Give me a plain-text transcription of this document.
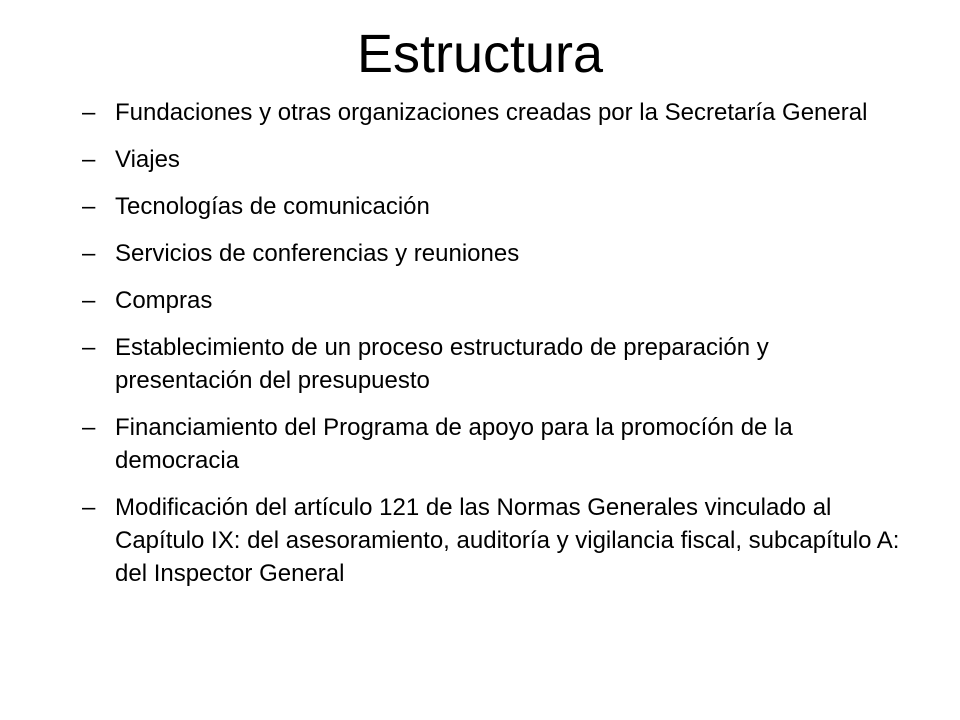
Estructura
– Fundaciones y otras organizaciones creadas por la Secretaría General
– Viajes
– Tecnologías de comunicación
– Servicios de conferencias y reuniones
– Compras
– Establecimiento de un proceso estructurado de preparación y presentación del presupuesto
– Financiamiento del Programa de apoyo para la promocíón de la democracia
– Modificación del artículo 121 de las Normas Generales vinculado al Capítulo IX: del asesoramiento, auditoría y vigilancia fiscal, subcapítulo A: del Inspector General
